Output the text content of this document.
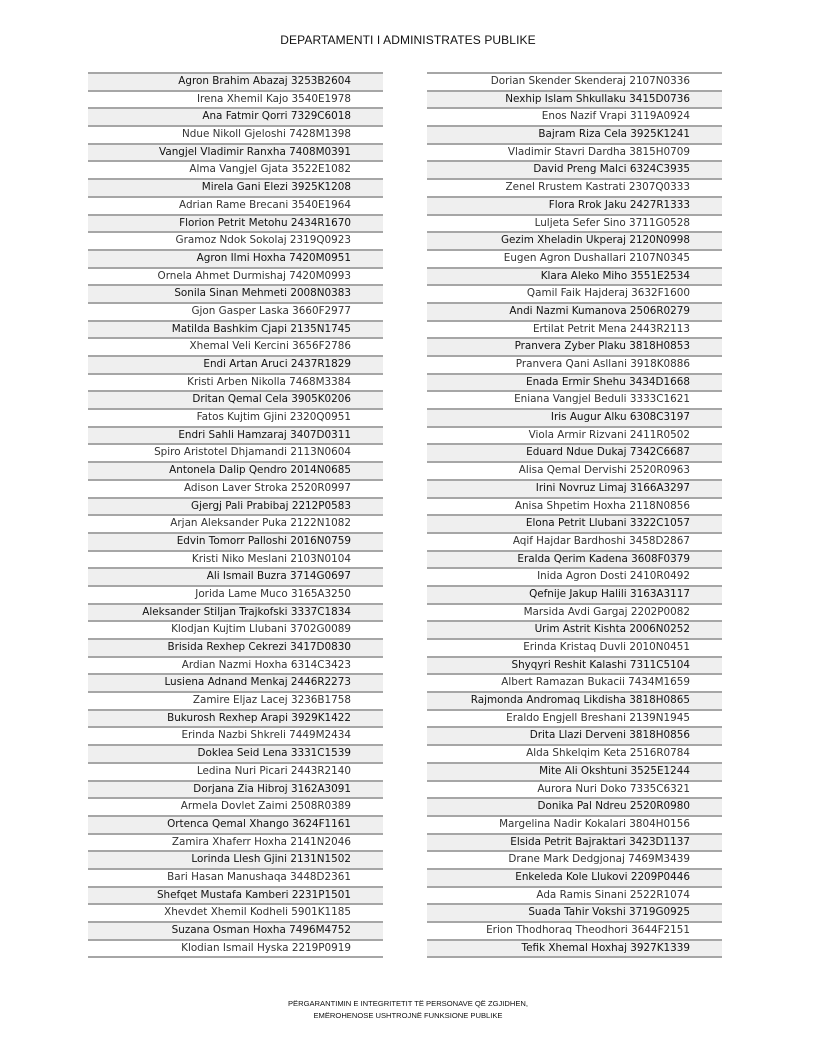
DEPARTAMENTI I ADMINISTRATES PUBLIKE
Agron Brahim Abazaj 3253B2604
Irena Xhemil Kajo 3540E1978
Ana Fatmir Qorri 7329C6018
Ndue Nikoll Gjeloshi 7428M1398
Vangjel Vladimir Ranxha 7408M0391
Alma Vangjel Gjata 3522E1082
Mirela Gani Elezi 3925K1208
Adrian Rame Brecani 3540E1964
Florion Petrit Metohu 2434R1670
Gramoz Ndok Sokolaj 2319Q0923
Agron Ilmi Hoxha 7420M0951
Ornela Ahmet Durmishaj 7420M0993
Sonila Sinan Mehmeti 2008N0383
Gjon Gasper Laska 3660F2977
Matilda Bashkim Cjapi 2135N1745
Xhemal Veli Kercini 3656F2786
Endi Artan Aruci 2437R1829
Kristi Arben Nikolla 7468M3384
Dritan Qemal Cela 3905K0206
Fatos Kujtim Gjini 2320Q0951
Endri Sahli Hamzaraj 3407D0311
Spiro Aristotel Dhjamandi 2113N0604
Antonela Dalip Qendro 2014N0685
Adison Laver Stroka 2520R0997
Gjergj Pali Prabibaj 2212P0583
Arjan Aleksander Puka 2122N1082
Edvin Tomorr Palloshi 2016N0759
Kristi Niko Meslani 2103N0104
Ali Ismail Buzra 3714G0697
Jorida Lame Muco 3165A3250
Aleksander Stiljan Trajkofski 3337C1834
Klodjan Kujtim Llubani 3702G0089
Brisida Rexhep Cekrezi 3417D0830
Ardian Nazmi Hoxha 6314C3423
Lusiena Adnand Menkaj 2446R2273
Zamire Eljaz Lacej 3236B1758
Bukurosh Rexhep Arapi 3929K1422
Erinda Nazbi Shkreli 7449M2434
Doklea Seid Lena 3331C1539
Ledina Nuri Picari 2443R2140
Dorjana Zia Hibroj 3162A3091
Armela Dovlet Zaimi 2508R0389
Ortenca Qemal Xhango 3624F1161
Zamira Xhaferr Hoxha 2141N2046
Lorinda Llesh Gjini 2131N1502
Bari Hasan Manushaqa 3448D2361
Shefqet Mustafa Kamberi 2231P1501
Xhevdet Xhemil Kodheli 5901K1185
Suzana Osman Hoxha 7496M4752
Klodian Ismail Hyska 2219P0919
Dorian Skender Skenderaj 2107N0336
Nexhip Islam Shkullaku 3415D0736
Enos Nazif Vrapi 3119A0924
Bajram Riza Cela 3925K1241
Vladimir Stavri Dardha 3815H0709
David Preng Malci 6324C3935
Zenel Rrustem Kastrati 2307Q0333
Flora Rrok Jaku 2427R1333
Luljeta Sefer Sino 3711G0528
Gezim Xheladin Ukperaj 2120N0998
Eugen Agron Dushallari 2107N0345
Klara Aleko Miho 3551E2534
Qamil Faik Hajderaj 3632F1600
Andi Nazmi Kumanova 2506R0279
Ertilat Petrit Mena 2443R2113
Pranvera Zyber Plaku 3818H0853
Pranvera Qani Asllani 3918K0886
Enada Ermir Shehu 3434D1668
Eniana Vangjel Beduli 3333C1621
Iris Augur Alku 6308C3197
Viola Armir Rizvani 2411R0502
Eduard Ndue Dukaj 7342C6687
Alisa Qemal Dervishi 2520R0963
Irini Novruz Limaj 3166A3297
Anisa Shpetim Hoxha 2118N0856
Elona Petrit Llubani 3322C1057
Aqif Hajdar Bardhoshi 3458D2867
Eralda Qerim Kadena 3608F0379
Inida Agron Dosti 2410R0492
Qefnije Jakup Halili 3163A3117
Marsida Avdi Gargaj 2202P0082
Urim Astrit Kishta 2006N0252
Erinda Kristaq Duvli 2010N0451
Shyqyri Reshit Kalashi 7311C5104
Albert Ramazan Bukacii 7434M1659
Rajmonda Andromaq Likdisha 3818H0865
Eraldo Engjell Breshani 2139N1945
Drita Llazi Derveni 3818H0856
Alda Shkelqim Keta 2516R0784
Mite Ali Okshtuni 3525E1244
Aurora Nuri Doko 7335C6321
Donika Pal Ndreu 2520R0980
Margelina Nadir Kokalari 3804H0156
Elsida Petrit Bajraktari 3423D1137
Drane Mark Dedgjonaj 7469M3439
Enkeleda Kole Llukovi 2209P0446
Ada Ramis Sinani 2522R1074
Suada Tahir Vokshi 3719G0925
Erion Thodhoraq Theodhori 3644F2151
Tefik Xhemal Hoxhaj 3927K1339
PËRGARANTIMIN E INTEGRITETIT TË PERSONAVE QË ZGJIDHEN,
EMËROHENOSE USHTROJNË FUNKSIONE PUBLIKE
